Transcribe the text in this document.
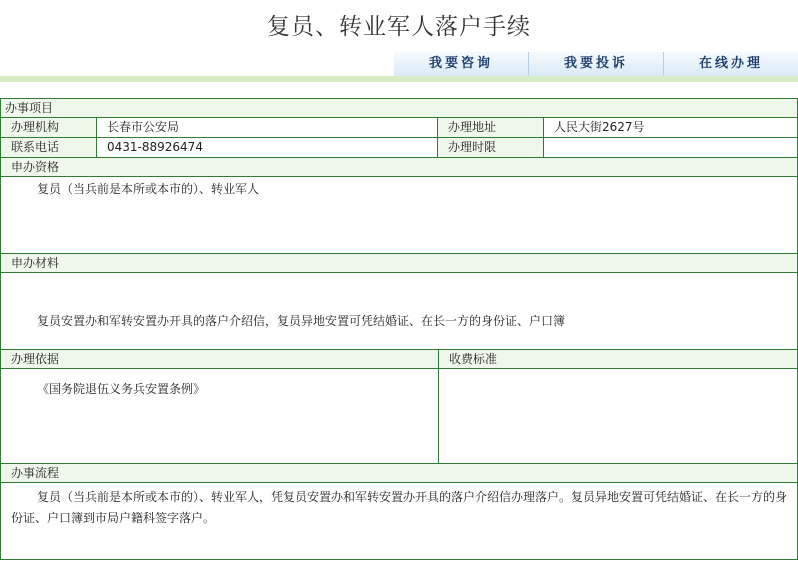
复员、转业军人落户手续
我要咨询	我要投诉	在线办理
办事项目
办理机构	长春市公安局	办理地址	人民大街2627号
联系电话	0431-88926474	办理时限
申办资格
复员（当兵前是本所或本市的）、转业军人
申办材料
复员安置办和军转安置办开具的落户介绍信，复员异地安置可凭结婚证、在长一方的身份证、户口簿
办理依据	收费标准
《国务院退伍义务兵安置条例》
办事流程
复员（当兵前是本所或本市的）、转业军人，凭复员安置办和军转安置办开具的落户介绍信办理落户。复员异地安置可凭结婚证、在长一方的身份证、户口簿到市局户籍科签字落户。
